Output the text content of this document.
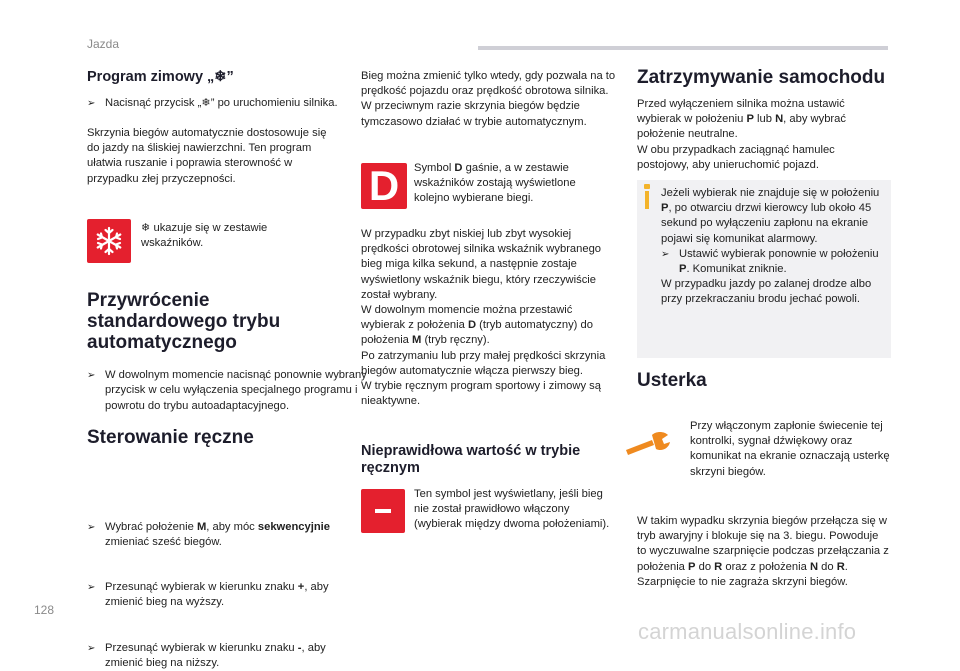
Jazda
128
carmanualsonline.info
Program zimowy „❄”
➢ Nacisnąć przycisk „❄” po uruchomieniu silnika.
Skrzynia biegów automatycznie dostosowuje się do jazdy na śliskiej nawierzchni. Ten program ułatwia ruszanie i poprawia sterowność w przypadku złej przyczepności.
❄ ukazuje się w zestawie wskaźników.
Przywrócenie standardowego trybu automatycznego
➢ W dowolnym momencie nacisnąć ponownie wybrany przycisk w celu wyłączenia specjalnego programu i powrotu do trybu autoadaptacyjnego.
Sterowanie ręczne
➢ Wybrać położenie M, aby móc sekwencyjnie zmieniać sześć biegów.
➢ Przesunąć wybierak w kierunku znaku +, aby zmienić bieg na wyższy.
➢ Przesunąć wybierak w kierunku znaku -, aby zmienić bieg na niższy.
Bieg można zmienić tylko wtedy, gdy pozwala na to prędkość pojazdu oraz prędkość obrotowa silnika. W przeciwnym razie skrzynia biegów będzie tymczasowo działać w trybie automatycznym.
D	Symbol D gaśnie, a w zestawie wskaźników zostają wyświetlone kolejno wybierane biegi.
W przypadku zbyt niskiej lub zbyt wysokiej prędkości obrotowej silnika wskaźnik wybranego bieg miga kilka sekund, a następnie zostaje wyświetlony wskaźnik biegu, który rzeczywiście został wybrany.
W dowolnym momencie można przestawić wybierak z położenia D (tryb automatyczny) do położenia M (tryb ręczny).
Po zatrzymaniu lub przy małej prędkości skrzynia biegów automatycznie włącza pierwszy bieg.
W trybie ręcznym program sportowy i zimowy są nieaktywne.
Nieprawidłowa wartość w trybie ręcznym
Ten symbol jest wyświetlany, jeśli bieg nie został prawidłowo włączony (wybierak między dwoma położeniami).
Zatrzymywanie samochodu
Przed wyłączeniem silnika można ustawić wybierak w położeniu P lub N, aby wybrać położenie neutralne.
W obu przypadkach zaciągnąć hamulec postojowy, aby unieruchomić pojazd.
Jeżeli wybierak nie znajduje się w położeniu P, po otwarciu drzwi kierowcy lub około 45 sekund po wyłączeniu zapłonu na ekranie pojawi się komunikat alarmowy.
➢ Ustawić wybierak ponownie w położeniu P. Komunikat zniknie.
W przypadku jazdy po zalanej drodze albo przy przekraczaniu brodu jechać powoli.
Usterka
Przy włączonym zapłonie świecenie tej kontrolki, sygnał dźwiękowy oraz komunikat na ekranie oznaczają usterkę skrzyni biegów.
W takim wypadku skrzynia biegów przełącza się w tryb awaryjny i blokuje się na 3. biegu. Powoduje to wyczuwalne szarpnięcie podczas przełączania z położenia P do R oraz z położenia N do R. Szarpnięcie to nie zagraża skrzyni biegów.
